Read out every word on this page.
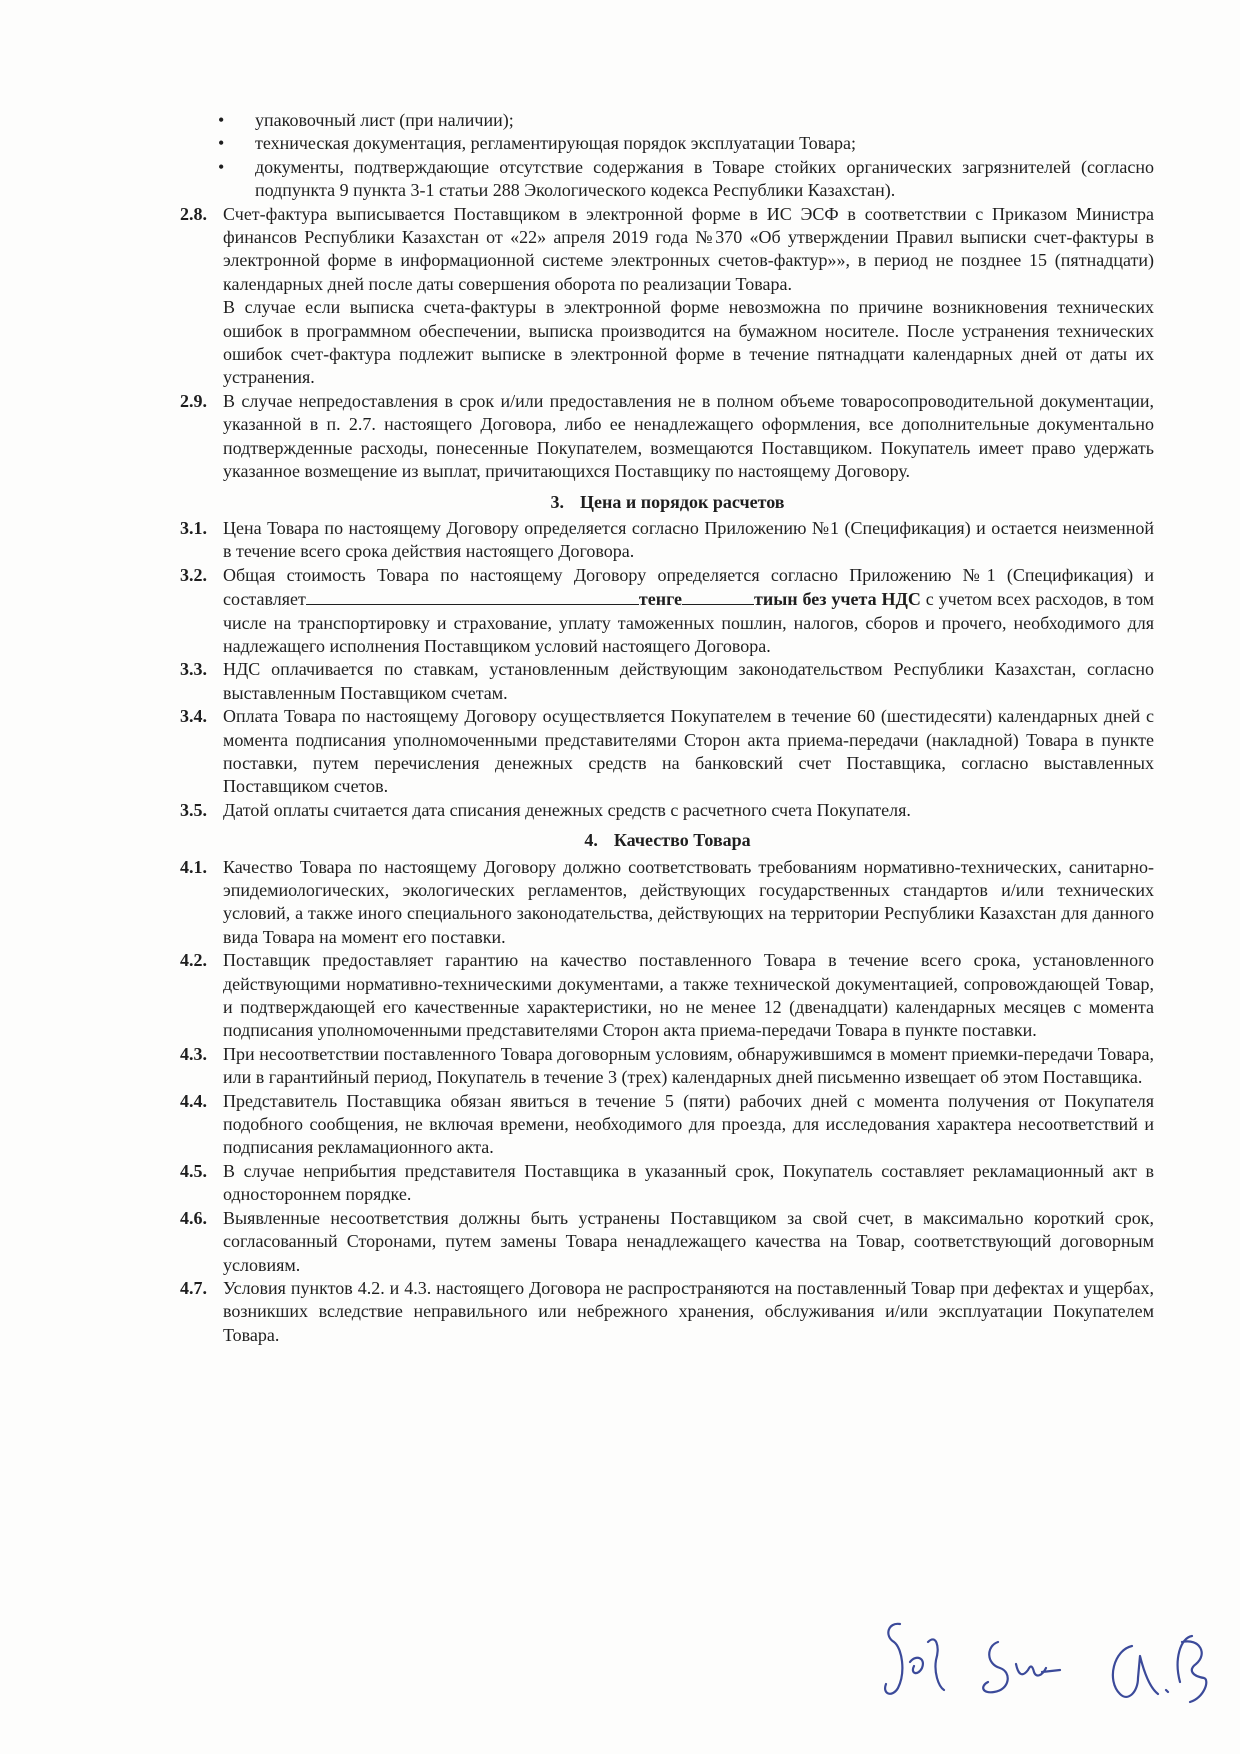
• упаковочный лист (при наличии);
• техническая документация, регламентирующая порядок эксплуатации Товара;
• документы, подтверждающие отсутствие содержания в Товаре стойких органических загрязнителей (согласно подпункта 9 пункта 3-1 статьи 288 Экологического кодекса Республики Казахстан).
2.8. Счет-фактура выписывается Поставщиком в электронной форме в ИС ЭСФ в соответствии с Приказом Министра финансов Республики Казахстан от «22» апреля 2019 года №370 «Об утверждении Правил выписки счет-фактуры в электронной форме в информационной системе электронных счетов-фактур»», в период не позднее 15 (пятнадцати) календарных дней после даты совершения оборота по реализации Товара.

В случае если выписка счета-фактуры в электронной форме невозможна по причине возникновения технических ошибок в программном обеспечении, выписка производится на бумажном носителе. После устранения технических ошибок счет-фактура подлежит выписке в электронной форме в течение пятнадцати календарных дней от даты их устранения.

2.9. В случае непредоставления в срок и/или предоставления не в полном объеме товаросопроводительной документации, указанной в п. 2.7. настоящего Договора, либо ее ненадлежащего оформления, все дополнительные документально подтвержденные расходы, понесенные Покупателем, возмещаются Поставщиком. Покупатель имеет право удержать указанное возмещение из выплат, причитающихся Поставщику по настоящему Договору.

3. Цена и порядок расчетов
3.1. Цена Товара по настоящему Договору определяется согласно Приложению №1 (Спецификация) и остается неизменной в течение всего срока действия настоящего Договора.

3.2. Общая стоимость Товара по настоящему Договору определяется согласно Приложению №1 (Спецификация) и составляет	тенге	тиын без учета НДС с учетом всех расходов, в том числе на транспортировку и страхование, уплату таможенных пошлин, налогов, сборов и прочего, необходимого для надлежащего исполнения Поставщиком условий настоящего Договора.

3.3. НДС оплачивается по ставкам, установленным действующим законодательством Республики Казахстан, согласно выставленным Поставщиком счетам.

3.4. Оплата Товара по настоящему Договору осуществляется Покупателем в течение 60 (шестидесяти) календарных дней с момента подписания уполномоченными представителями Сторон акта приема-передачи (накладной) Товара в пункте поставки, путем перечисления денежных средств на банковский счет Поставщика, согласно выставленных Поставщиком счетов.

3.5. Датой оплаты считается дата списания денежных средств с расчетного счета Покупателя.

4. Качество Товара
4.1. Качество Товара по настоящему Договору должно соответствовать требованиям нормативно-технических, санитарно-эпидемиологических, экологических регламентов, действующих государственных стандартов и/или технических условий, а также иного специального законодательства, действующих на территории Республики Казахстан для данного вида Товара на момент его поставки.

4.2. Поставщик предоставляет гарантию на качество поставленного Товара в течение всего срока, установленного действующими нормативно-техническими документами, а также технической документацией, сопровождающей Товар, и подтверждающей его качественные характеристики, но не менее 12 (двенадцати) календарных месяцев с момента подписания уполномоченными представителями Сторон акта приема-передачи Товара в пункте поставки.

4.3. При несоответствии поставленного Товара договорным условиям, обнаружившимся в момент приемки-передачи Товара, или в гарантийный период, Покупатель в течение 3 (трех) календарных дней письменно извещает об этом Поставщика.

4.4. Представитель Поставщика обязан явиться в течение 5 (пяти) рабочих дней с момента получения от Покупателя подобного сообщения, не включая времени, необходимого для проезда, для исследования характера несоответствий и подписания рекламационного акта.

4.5. В случае неприбытия представителя Поставщика в указанный срок, Покупатель составляет рекламационный акт в одностороннем порядке.

4.6. Выявленные несоответствия должны быть устранены Поставщиком за свой счет, в максимально короткий срок, согласованный Сторонами, путем замены Товара ненадлежащего качества на Товар, соответствующий договорным условиям.

4.7. Условия пунктов 4.2. и 4.3. настоящего Договора не распространяются на поставленный Товар при дефектах и ущербах, возникших вследствие неправильного или небрежного хранения, обслуживания и/или эксплуатации Покупателем Товара.
